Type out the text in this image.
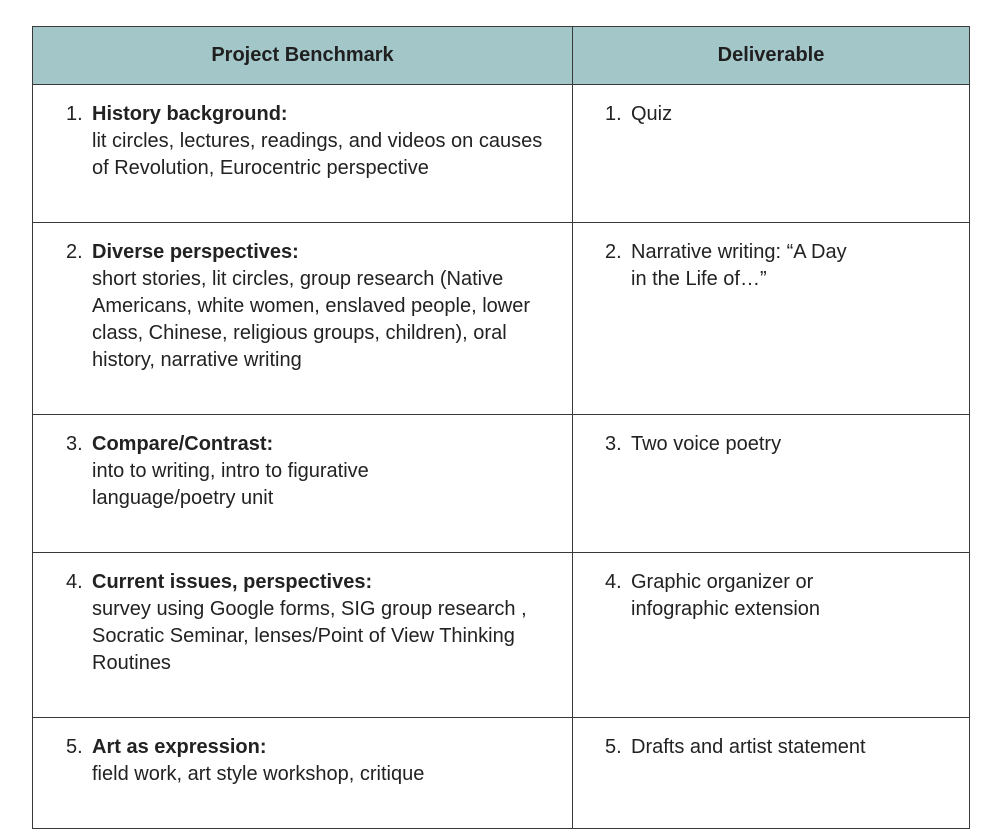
Project Benchmark	Deliverable

1. History background:
lit circles, lectures, readings, and videos on causes of Revolution, Eurocentric perspective	1. Quiz

2. Diverse perspectives:
short stories, lit circles, group research (Native Americans, white women, enslaved people, lower class, Chinese, religious groups, children), oral history, narrative writing	2. Narrative writing: “A Day in the Life of…”

3. Compare/Contrast:
into to writing, intro to figurative language/poetry unit	3. Two voice poetry

4. Current issues, perspectives:
survey using Google forms, SIG group research , Socratic Seminar, lenses/Point of View Thinking Routines	4. Graphic organizer or infographic extension

5. Art as expression:
field work, art style workshop, critique	5. Drafts and artist statement
